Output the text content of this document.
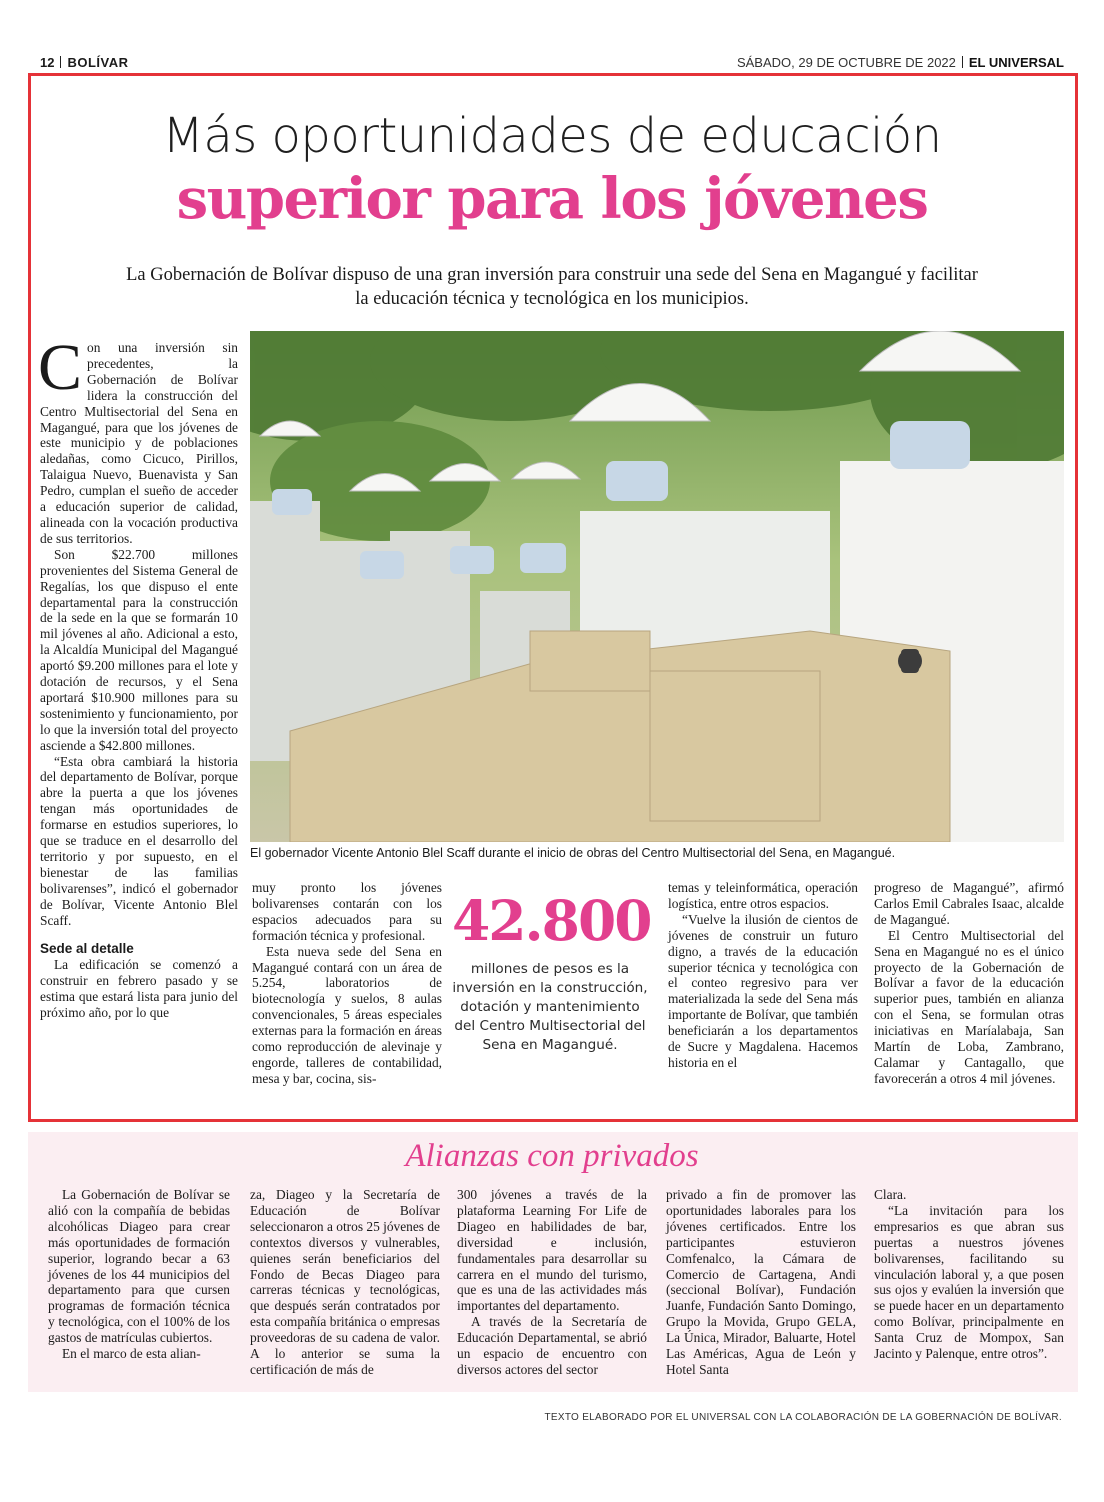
12 BOLÍVAR	SÁBADO, 29 DE OCTUBRE DE 2022 EL UNIVERSAL
Más oportunidades de educación
superior para los jóvenes
La Gobernación de Bolívar dispuso de una gran inversión para construir una sede del Sena en Magangué y facilitar la educación técnica y tecnológica en los municipios.

Con una inversión sin precedentes, la Gobernación de Bolívar lidera la construcción del Centro Multisectorial del Sena en Magangué, para que los jóvenes de este municipio y de poblaciones aledañas, como Cicuco, Pirillos, Talaigua Nuevo, Buenavista y San Pedro, cumplan el sueño de acceder a educación superior de calidad, alineada con la vocación productiva de sus territorios.

Son $22.700 millones provenientes del Sistema General de Regalías, los que dispuso el ente departamental para la construcción de la sede en la que se formarán 10 mil jóvenes al año. Adicional a esto, la Alcaldía Municipal del Magangué aportó $9.200 millones para el lote y dotación de recursos, y el Sena aportará $10.900 millones para su sostenimiento y funcionamiento, por lo que la inversión total del proyecto asciende a $42.800 millones.

“Esta obra cambiará la historia del departamento de Bolívar, porque abre la puerta a que los jóvenes tengan más oportunidades de formarse en estudios superiores, lo que se traduce en el desarrollo del territorio y por supuesto, en el bienestar de las familias bolivarenses”, indicó el gobernador de Bolívar, Vicente Antonio Blel Scaff.

Sede al detalle

La edificación se comenzó a construir en febrero pasado y se estima que estará lista para junio del próximo año, por lo que

El gobernador Vicente Antonio Blel Scaff durante el inicio de obras del Centro Multisectorial del Sena, en Magangué.

muy pronto los jóvenes bolivarenses contarán con los espacios adecuados para su formación técnica y profesional.

Esta nueva sede del Sena en Magangué contará con un área de 5.254, laboratorios de biotecnología y suelos, 8 aulas convencionales, 5 áreas especiales externas para la formación en áreas como reproducción de alevinaje y engorde, talleres de contabilidad, mesa y bar, cocina, sis-

42.800
millones de pesos es la inversión en la construcción, dotación y mantenimiento del Centro Multisectorial del Sena en Magangué.

temas y teleinformática, operación logística, entre otros espacios.

“Vuelve la ilusión de cientos de jóvenes de construir un futuro digno, a través de la educación superior técnica y tecnológica con el conteo regresivo para ver materializada la sede del Sena más importante de Bolívar, que también beneficiarán a los departamentos de Sucre y Magdalena. Hacemos historia en el

progreso de Magangué”, afirmó Carlos Emil Cabrales Isaac, alcalde de Magangué.

El Centro Multisectorial del Sena en Magangué no es el único proyecto de la Gobernación de Bolívar a favor de la educación superior pues, también en alianza con el Sena, se formulan otras iniciativas en Maríalabaja, San Martín de Loba, Zambrano, Calamar y Cantagallo, que favorecerán a otros 4 mil jóvenes.

Alianzas con privados

La Gobernación de Bolívar se alió con la compañía de bebidas alcohólicas Diageo para crear más oportunidades de formación superior, logrando becar a 63 jóvenes de los 44 municipios del departamento para que cursen programas de formación técnica y tecnológica, con el 100% de los gastos de matrículas cubiertos.

En el marco de esta alian-

za, Diageo y la Secretaría de Educación de Bolívar seleccionaron a otros 25 jóvenes de contextos diversos y vulnerables, quienes serán beneficiarios del Fondo de Becas Diageo para carreras técnicas y tecnológicas, que después serán contratados por esta compañía británica o empresas proveedoras de su cadena de valor. A lo anterior se suma la certificación de más de

300 jóvenes a través de la plataforma Learning For Life de Diageo en habilidades de bar, diversidad e inclusión, fundamentales para desarrollar su carrera en el mundo del turismo, que es una de las actividades más importantes del departamento.

A través de la Secretaría de Educación Departamental, se abrió un espacio de encuentro con diversos actores del sector

privado a fin de promover las oportunidades laborales para los jóvenes certificados. Entre los participantes estuvieron Comfenalco, la Cámara de Comercio de Cartagena, Andi (seccional Bolívar), Fundación Juanfe, Fundación Santo Domingo, Grupo la Movida, Grupo GELA, La Única, Mirador, Baluarte, Hotel Las Américas, Agua de León y Hotel Santa

Clara.

“La invitación para los empresarios es que abran sus puertas a nuestros jóvenes bolivarenses, facilitando su vinculación laboral y, a que posen sus ojos y evalúen la inversión que se puede hacer en un departamento como Bolívar, principalmente en Santa Cruz de Mompox, San Jacinto y Palenque, entre otros”.

TEXTO ELABORADO POR EL UNIVERSAL CON LA COLABORACIÓN DE LA GOBERNACIÓN DE BOLÍVAR.
